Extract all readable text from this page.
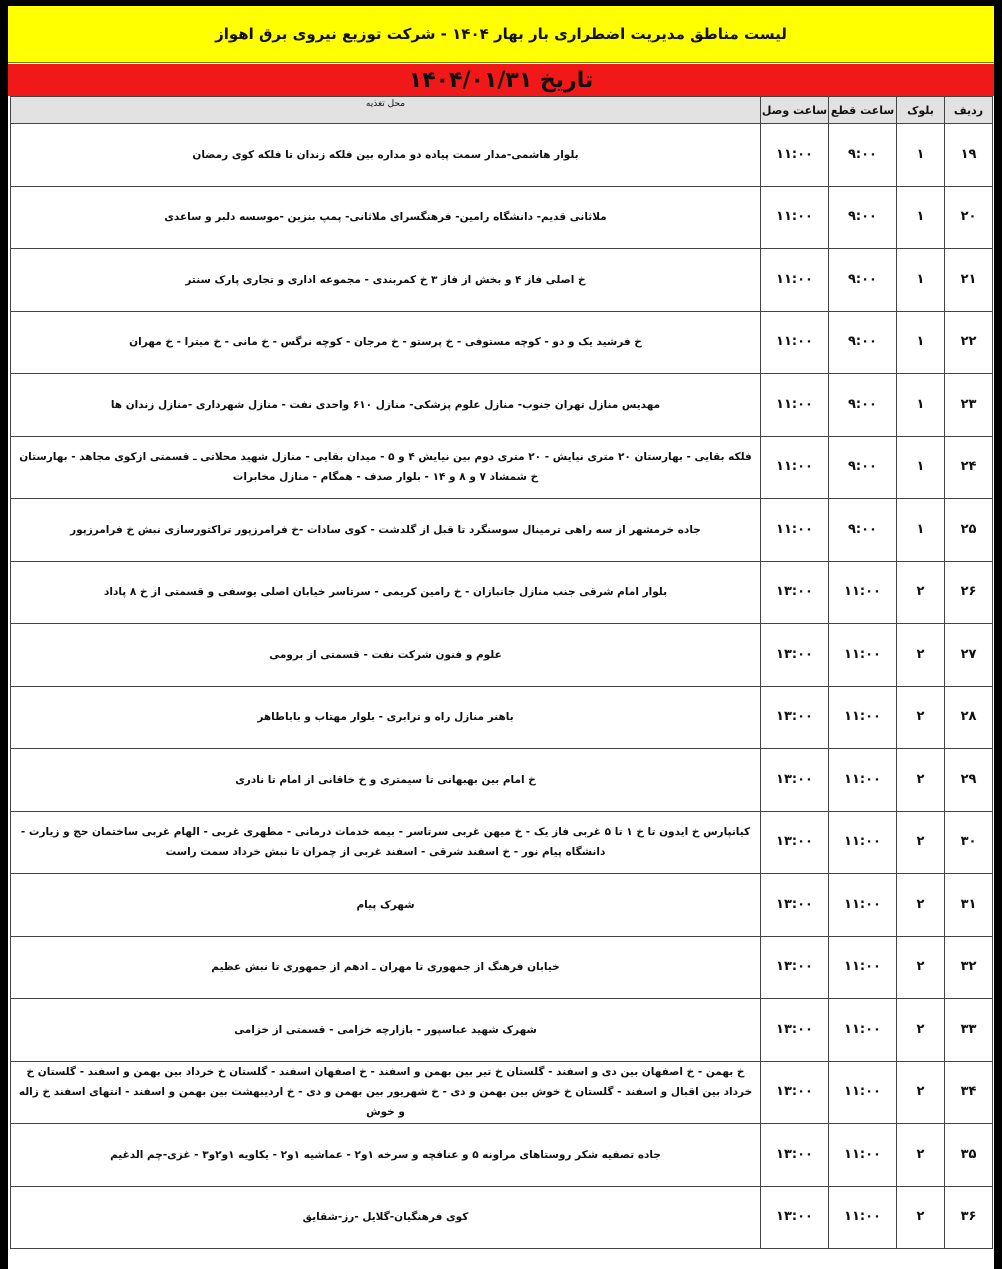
لیست مناطق مدیریت اضطراری بار بهار ۱۴۰۴ - شرکت توزیع نیروی برق اهواز
تاریخ ۱۴۰۴/۰۱/۳۱
ردیف	بلوک	ساعت قطع	ساعت وصل	محل تغذیه
۱۹	۱	۹:۰۰	۱۱:۰۰	بلوار هاشمی-مدار سمت پیاده دو مداره بین فلکه زندان تا فلکه کوی رمضان
۲۰	۱	۹:۰۰	۱۱:۰۰	ملاثانی قدیم- دانشگاه رامین- فرهنگسرای ملاثانی- پمپ بنزین -موسسه دلبر و ساعدی
۲۱	۱	۹:۰۰	۱۱:۰۰	خ اصلی فاز ۴ و بخش از فاز ۳ خ کمربندی - مجموعه اداری و تجاری پارک سنتر
۲۲	۱	۹:۰۰	۱۱:۰۰	خ فرشید یک و دو - کوچه مستوفی - خ پرستو - خ مرجان - کوچه نرگس - خ مانی - خ میترا - خ مهران
۲۳	۱	۹:۰۰	۱۱:۰۰	مهدیس منازل تهران جنوب- منازل علوم پزشکی- منازل ۶۱۰ واحدی نفت - منازل شهرداری -منازل زندان ها
۲۴	۱	۹:۰۰	۱۱:۰۰	فلکه بقایی - بهارستان ۲۰ متری نیایش - ۲۰ متری دوم بین نیایش ۴ و ۵ - میدان بقایی - منازل شهید محلاتی ـ قسمتی ازکوی مجاهد - بهارستان خ شمشاد ۷ و ۸ و ۱۴ - بلوار صدف - همگام - منازل مخابرات
۲۵	۱	۹:۰۰	۱۱:۰۰	جاده خرمشهر از سه راهی ترمینال سوسنگرد تا قبل از گلدشت - کوی سادات -خ فرامرزپور تراکتورسازی نبش خ فرامرزپور
۲۶	۲	۱۱:۰۰	۱۳:۰۰	بلوار امام شرقی جنب منازل جانبازان - خ رامین کریمی - سرتاسر خیابان اصلی یوسفی و قسمتی از خ ۸ پاداد
۲۷	۲	۱۱:۰۰	۱۳:۰۰	علوم و فنون شرکت نفت - قسمتی از برومی
۲۸	۲	۱۱:۰۰	۱۳:۰۰	باهنر منازل راه و ترابری - بلوار مهتاب و باباطاهر
۲۹	۲	۱۱:۰۰	۱۳:۰۰	خ امام بین بهبهانی تا سیمتری و خ خاقانی از امام تا نادری
۳۰	۲	۱۱:۰۰	۱۳:۰۰	کیانپارس خ ایدون تا خ ۱ تا ۵ غربی فاز یک - خ میهن غربی سرتاسر - بیمه خدمات درمانی - مطهری غربی - الهام غربی ساختمان حج و زیارت - دانشگاه پیام نور - خ اسفند شرقی - اسفند غربی از چمران تا نبش خرداد سمت راست
۳۱	۲	۱۱:۰۰	۱۳:۰۰	شهرک پیام
۳۲	۲	۱۱:۰۰	۱۳:۰۰	خیابان فرهنگ از جمهوری تا مهران ـ ادهم از جمهوری تا نبش عظیم
۳۳	۲	۱۱:۰۰	۱۳:۰۰	شهرک شهید عباسپور - بازارچه خزامی - قسمتی از خزامی
۳۴	۲	۱۱:۰۰	۱۳:۰۰	خ بهمن - خ اصفهان بین دی و اسفند - گلستان خ تیر بین بهمن و اسفند - خ اصفهان اسفند - گلستان خ خرداد بین بهمن و اسفند - گلستان خ خرداد بین اقبال و اسفند - گلستان خ خوش بین بهمن و دی - خ شهریور بین بهمن و دی - خ اردیبهشت بین بهمن و اسفند - انتهای اسفند خ زاله و خوش
۳۵	۲	۱۱:۰۰	۱۳:۰۰	جاده تصفیه شکر روستاهای مراونه ۵ و عنافچه و سرخه ۱و۲ - عماشیه ۱و۲ - یکاویه ۱و۲و۳ - غزی-چم الدغیم
۳۶	۲	۱۱:۰۰	۱۳:۰۰	کوی فرهنگیان-گلایل -رز-شقایق
